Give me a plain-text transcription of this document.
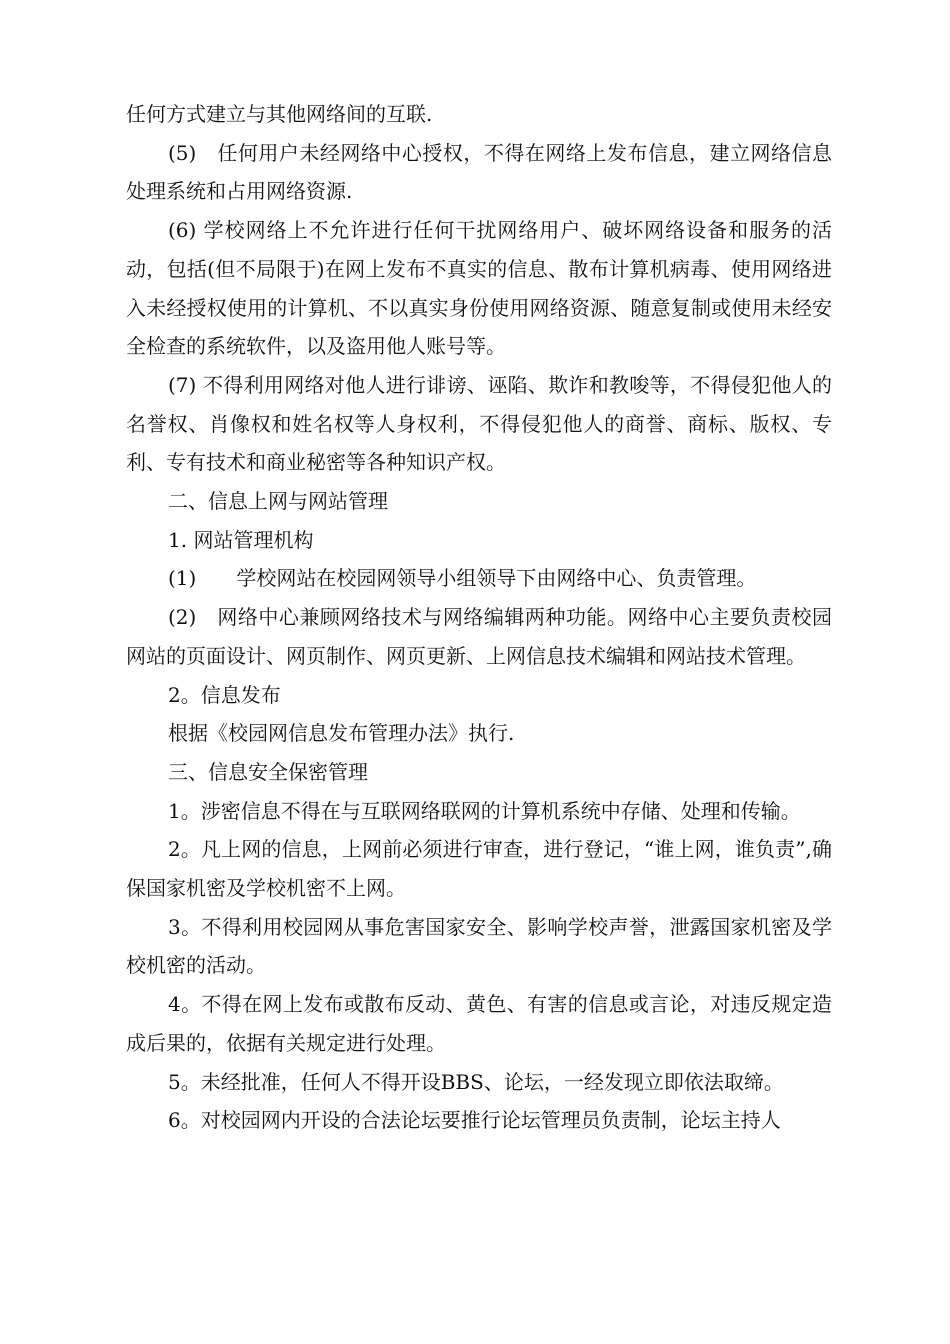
任何方式建立与其他网络间的互联.

(5)　任何用户未经网络中心授权，不得在网络上发布信息，建立网络信息处理系统和占用网络资源.

(6) 学校网络上不允许进行任何干扰网络用户、破坏网络设备和服务的活动，包括(但不局限于)在网上发布不真实的信息、散布计算机病毒、使用网络进入未经授权使用的计算机、不以真实身份使用网络资源、随意复制或使用未经安全检查的系统软件，以及盗用他人账号等。

(7) 不得利用网络对他人进行诽谤、诬陷、欺诈和教唆等，不得侵犯他人的名誉权、肖像权和姓名权等人身权利，不得侵犯他人的商誉、商标、版权、专利、专有技术和商业秘密等各种知识产权。

二、信息上网与网站管理

1. 网站管理机构

(1)　　学校网站在校园网领导小组领导下由网络中心、负责管理。

(2)　网络中心兼顾网络技术与网络编辑两种功能。网络中心主要负责校园网站的页面设计、网页制作、网页更新、上网信息技术编辑和网站技术管理。

2。信息发布

根据《校园网信息发布管理办法》执行.

三、信息安全保密管理

1。涉密信息不得在与互联网络联网的计算机系统中存储、处理和传输。

2。凡上网的信息，上网前必须进行审查，进行登记，“谁上网，谁负责”,确保国家机密及学校机密不上网。

3。不得利用校园网从事危害国家安全、影响学校声誉，泄露国家机密及学校机密的活动。

4。不得在网上发布或散布反动、黄色、有害的信息或言论，对违反规定造成后果的，依据有关规定进行处理。

5。未经批准，任何人不得开设BBS、论坛，一经发现立即依法取缔。

6。对校园网内开设的合法论坛要推行论坛管理员负责制，论坛主持人
